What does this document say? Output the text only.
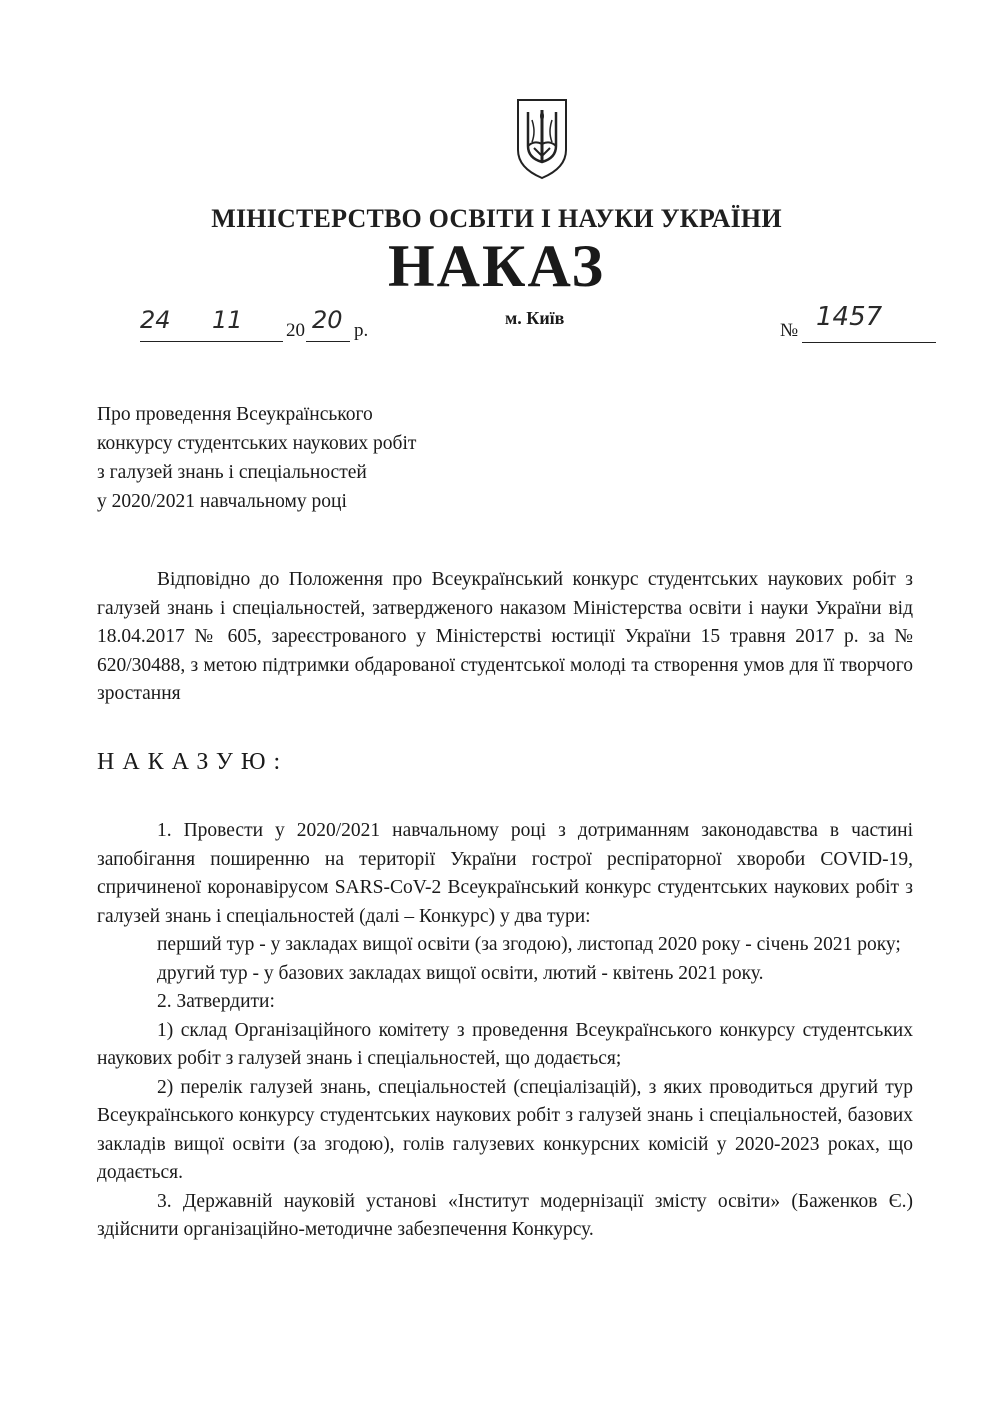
МІНІСТЕРСТВО ОСВІТИ І НАУКИ УКРАЇНИ
НАКАЗ
24 11 20 20 р.
м. Київ
№ 1457
Про проведення Всеукраїнського
конкурсу студентських наукових робіт
з галузей знань і спеціальностей
у 2020/2021 навчальному році

Відповідно до Положення про Всеукраїнський конкурс студентських наукових робіт з галузей знань і спеціальностей, затвердженого наказом Міністерства освіти і науки України від 18.04.2017 № 605, зареєстрованого у Міністерстві юстиції України 15 травня 2017 р. за № 620/30488, з метою підтримки обдарованої студентської молоді та створення умов для її творчого зростання

НАКАЗУЮ:

1. Провести у 2020/2021 навчальному році з дотриманням законодавства в частині запобігання поширенню на території України гострої респіраторної хвороби COVID-19, спричиненої коронавірусом SARS-CoV-2 Всеукраїнський конкурс студентських наукових робіт з галузей знань і спеціальностей (далі – Конкурс) у два тури:

перший тур - у закладах вищої освіти (за згодою), листопад 2020 року - січень 2021 року;

другий тур - у базових закладах вищої освіти, лютий - квітень 2021 року.

2. Затвердити:

1) склад Організаційного комітету з проведення Всеукраїнського конкурсу студентських наукових робіт з галузей знань і спеціальностей, що додається;

2) перелік галузей знань, спеціальностей (спеціалізацій), з яких проводиться другий тур Всеукраїнського конкурсу студентських наукових робіт з галузей знань і спеціальностей, базових закладів вищої освіти (за згодою), голів галузевих конкурсних комісій у 2020-2023 роках, що додається.

3. Державній науковій установі «Інститут модернізації змісту освіти» (Баженков Є.) здійснити організаційно-методичне забезпечення Конкурсу.
